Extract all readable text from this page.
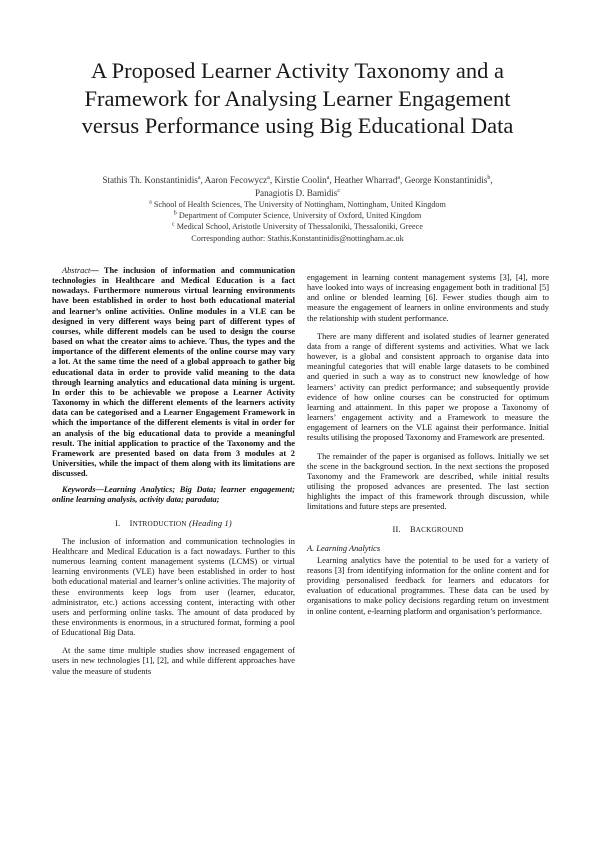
A Proposed Learner Activity Taxonomy and a
Framework for Analysing Learner Engagement
versus Performance using Big Educational Data
Stathis Th. Konstantinidis$^a$, Aaron Fecowycz$^a$, Kirstie Coolin$^a$, Heather Wharrad$^a$, George Konstantinidis$^b$,
Panagiotis D. Bamidis$^c$
$^a$ School of Health Sciences, The University of Nottingham, Nottingham, United Kingdom
$^b$ Department of Computer Science, University of Oxford, United Kingdom
$^c$ Medical School, Aristotle University of Thessaloniki, Thessaloniki, Greece
Corresponding author: Stathis.Konstantinidis@nottingham.ac.uk

Abstract— The inclusion of information and communication technologies in Healthcare and Medical Education is a fact nowadays. Furthermore numerous virtual learning environments have been established in order to host both educational material and learner’s online activities. Online modules in a VLE can be designed in very different ways being part of different types of courses, while different models can be used to design the course based on what the creator aims to achieve. Thus, the types and the importance of the different elements of the online course may vary a lot. At the same time the need of a global approach to gather big educational data in order to provide valid meaning to the data through learning analytics and educational data mining is urgent. In order this to be achievable we propose a Learner Activity Taxonomy in which the different elements of the learners activity data can be categorised and a Learner Engagement Framework in which the importance of the different elements is vital in order for an analysis of the big educational data to provide a meaningful result. The initial application to practice of the Taxonomy and the Framework are presented based on data from 3 modules at 2 Universities, while the impact of them along with its limitations are discussed.

Keywords—Learning Analytics; Big Data; learner engagement; online learning analysis, activity data; paradata;

I. INTRODUCTION (Heading 1)

The inclusion of information and communication technologies in Healthcare and Medical Education is a fact nowadays. Further to this numerous learning content management systems (LCMS) or virtual learning environments (VLE) have been established in order to host both educational material and learner’s online activities. The majority of these environments keep logs from user (learner, educator, administrator, etc.) actions accessing content, interacting with other users and performing online tasks. The amount of data produced by these environments is enormous, in a structured format, forming a pool of Educational Big Data.

At the same time multiple studies show increased engagement of users in new technologies [1], [2], and while different approaches have value the measure of students

engagement in learning content management systems [3], [4], more have looked into ways of increasing engagement both in traditional [5] and online or blended learning [6]. Fewer studies though aim to measure the engagement of learners in online environments and study the relationship with student performance.

There are many different and isolated studies of learner generated data from a range of different systems and activities. What we lack however, is a global and consistent approach to organise data into meaningful categories that will enable large datasets to be combined and queried in such a way as to construct new knowledge of how learners’ activity can predict performance; and subsequently provide evidence of how online courses can be constructed for optimum learning and attainment. In this paper we propose a Taxonomy of learners’ engagement activity and a Framework to measure the engagement of learners on the VLE against their performance. Initial results utilising the proposed Taxonomy and Framework are presented.

The remainder of the paper is organised as follows. Initially we set the scene in the background section. In the next sections the proposed Taxonomy and the Framework are described, while initial results utilising the proposed advances are presented. The last section highlights the impact of this framework through discussion, while limitations and future steps are presented.

II. BACKGROUND
A. Learning Analytics

Learning analytics have the potential to be used for a variety of reasons [3] from identifying information for the online content and for providing personalised feedback for learners and educators for evaluation of educational programmes. These data can be used by organisations to make policy decisions regarding return on investment in online content, e-learning platform and organisation’s performance.
